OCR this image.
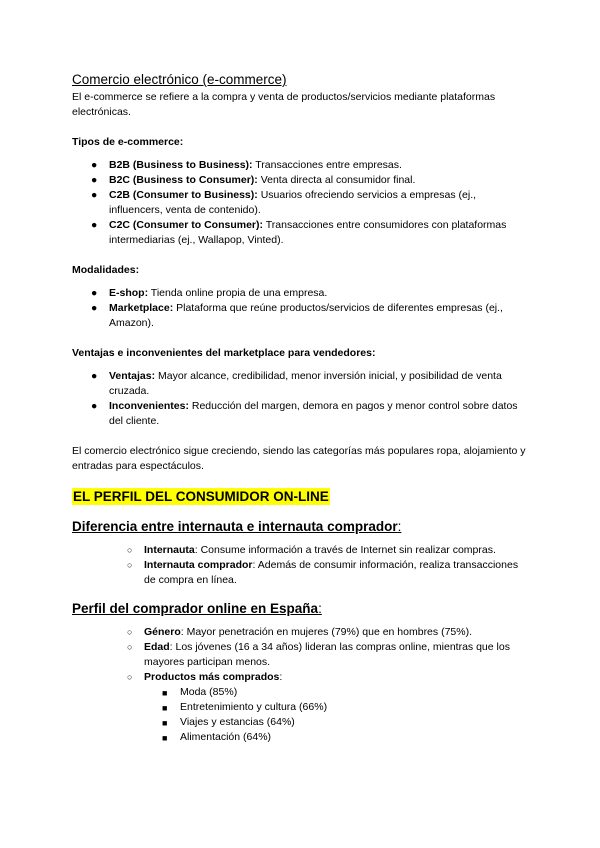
Comercio electrónico (e-commerce)

El e-commerce se refiere a la compra y venta de productos/servicios mediante plataformas electrónicas.

Tipos de e-commerce:

● B2B (Business to Business): Transacciones entre empresas.
● B2C (Business to Consumer): Venta directa al consumidor final.
● C2B (Consumer to Business): Usuarios ofreciendo servicios a empresas (ej., influencers, venta de contenido).
● C2C (Consumer to Consumer): Transacciones entre consumidores con plataformas intermediarias (ej., Wallapop, Vinted).

Modalidades:

● E-shop: Tienda online propia de una empresa.
● Marketplace: Plataforma que reúne productos/servicios de diferentes empresas (ej., Amazon).

Ventajas e inconvenientes del marketplace para vendedores:

● Ventajas: Mayor alcance, credibilidad, menor inversión inicial, y posibilidad de venta cruzada.
● Inconvenientes: Reducción del margen, demora en pagos y menor control sobre datos del cliente.

El comercio electrónico sigue creciendo, siendo las categorías más populares ropa, alojamiento y entradas para espectáculos.

EL PERFIL DEL CONSUMIDOR ON-LINE

Diferencia entre internauta e internauta comprador:

○ Internauta: Consume información a través de Internet sin realizar compras.
○ Internauta comprador: Además de consumir información, realiza transacciones de compra en línea.

Perfil del comprador online en España:

○ Género: Mayor penetración en mujeres (79%) que en hombres (75%).
○ Edad: Los jóvenes (16 a 34 años) lideran las compras online, mientras que los mayores participan menos.
○ Productos más comprados:
■ Moda (85%)
■ Entretenimiento y cultura (66%)
■ Viajes y estancias (64%)
■ Alimentación (64%)
